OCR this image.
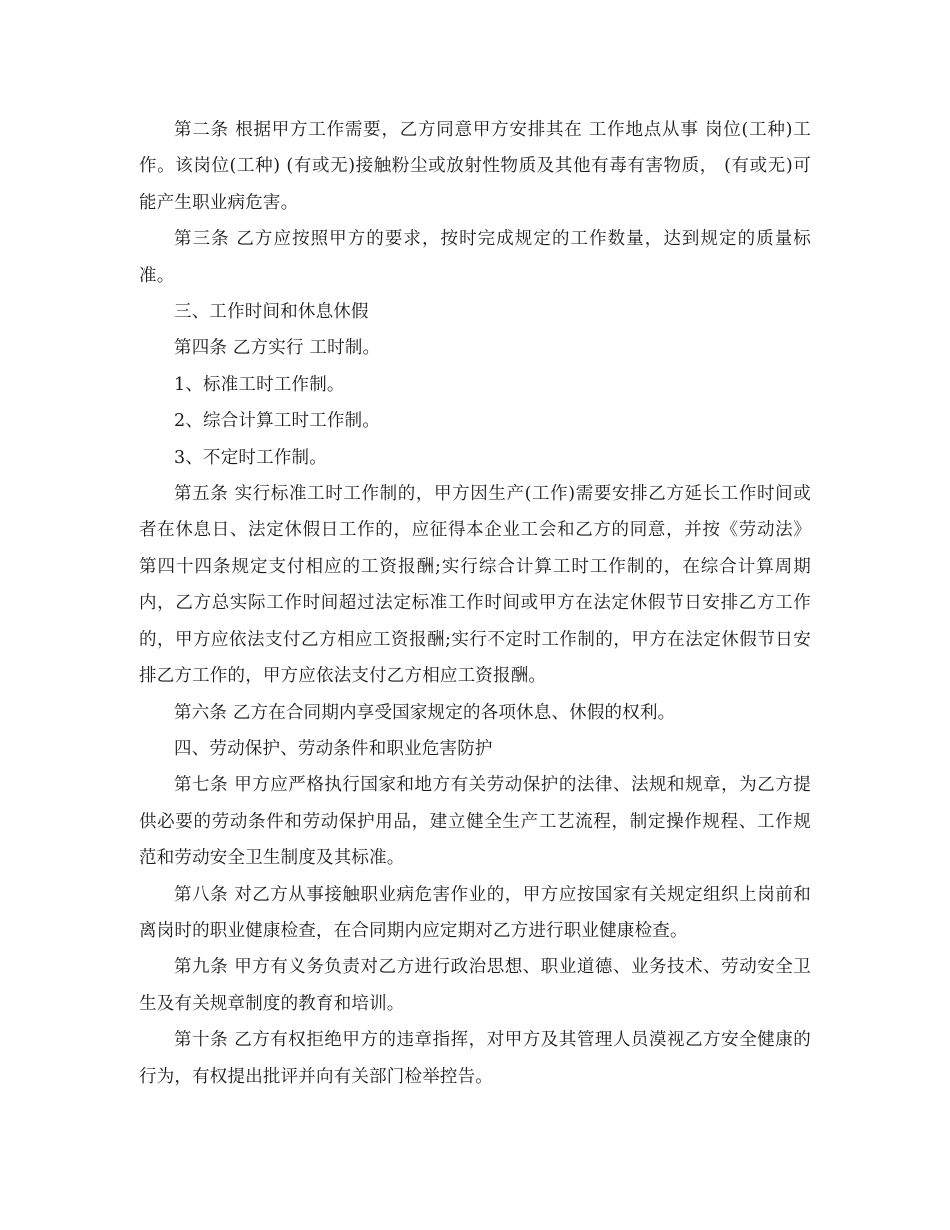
第二条 根据甲方工作需要，乙方同意甲方安排其在 工作地点从事 岗位(工种)工作。该岗位(工种) (有或无)接触粉尘或放射性物质及其他有毒有害物质， (有或无)可能产生职业病危害。

第三条 乙方应按照甲方的要求，按时完成规定的工作数量，达到规定的质量标准。

三、工作时间和休息休假

第四条 乙方实行 工时制。

1、标准工时工作制。

2、综合计算工时工作制。

3、不定时工作制。

第五条 实行标准工时工作制的，甲方因生产(工作)需要安排乙方延长工作时间或者在休息日、法定休假日工作的，应征得本企业工会和乙方的同意，并按《劳动法》第四十四条规定支付相应的工资报酬;实行综合计算工时工作制的，在综合计算周期内，乙方总实际工作时间超过法定标准工作时间或甲方在法定休假节日安排乙方工作的，甲方应依法支付乙方相应工资报酬;实行不定时工作制的，甲方在法定休假节日安排乙方工作的，甲方应依法支付乙方相应工资报酬。

第六条 乙方在合同期内享受国家规定的各项休息、休假的权利。

四、劳动保护、劳动条件和职业危害防护

第七条 甲方应严格执行国家和地方有关劳动保护的法律、法规和规章，为乙方提供必要的劳动条件和劳动保护用品，建立健全生产工艺流程，制定操作规程、工作规范和劳动安全卫生制度及其标准。

第八条 对乙方从事接触职业病危害作业的，甲方应按国家有关规定组织上岗前和离岗时的职业健康检查，在合同期内应定期对乙方进行职业健康检查。

第九条 甲方有义务负责对乙方进行政治思想、职业道德、业务技术、劳动安全卫生及有关规章制度的教育和培训。

第十条 乙方有权拒绝甲方的违章指挥，对甲方及其管理人员漠视乙方安全健康的行为，有权提出批评并向有关部门检举控告。
